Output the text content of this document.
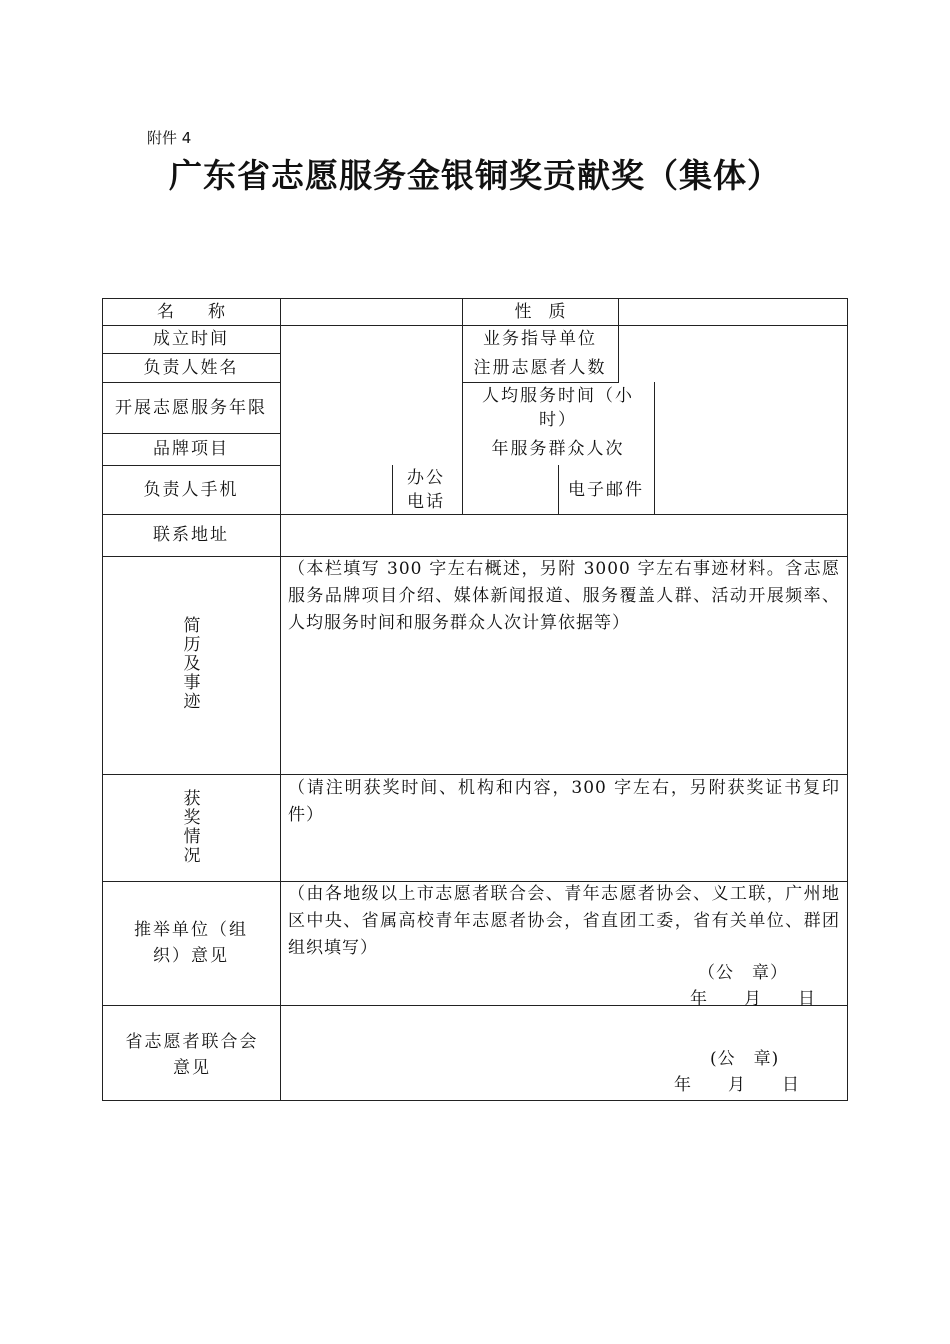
附件 4
广东省志愿服务金银铜奖贡献奖（集体）
名　　称
成立时间
负责人姓名
开展志愿服务年限
品牌项目
负责人手机
联系地址
性　质
业务指导单位
注册志愿者人数
人均服务时间（小时）
年服务群众人次
办公电话
电子邮件
简历及事迹
获奖情况
（本栏填写 300 字左右概述，另附 3000 字左右事迹材料。含志愿服务品牌项目介绍、媒体新闻报道、服务覆盖人群、活动开展频率、人均服务时间和服务群众人次计算依据等）
（请注明获奖时间、机构和内容，300 字左右，另附获奖证书复印件）
推举单位（组织）意见
（由各地级以上市志愿者联合会、青年志愿者协会、义工联，广州地区中央、省属高校青年志愿者协会，省直团工委，省有关单位、群团组织填写）
（公　章）
年　　月　　日
省志愿者联合会意见	(公　章)
年　　月　　日
